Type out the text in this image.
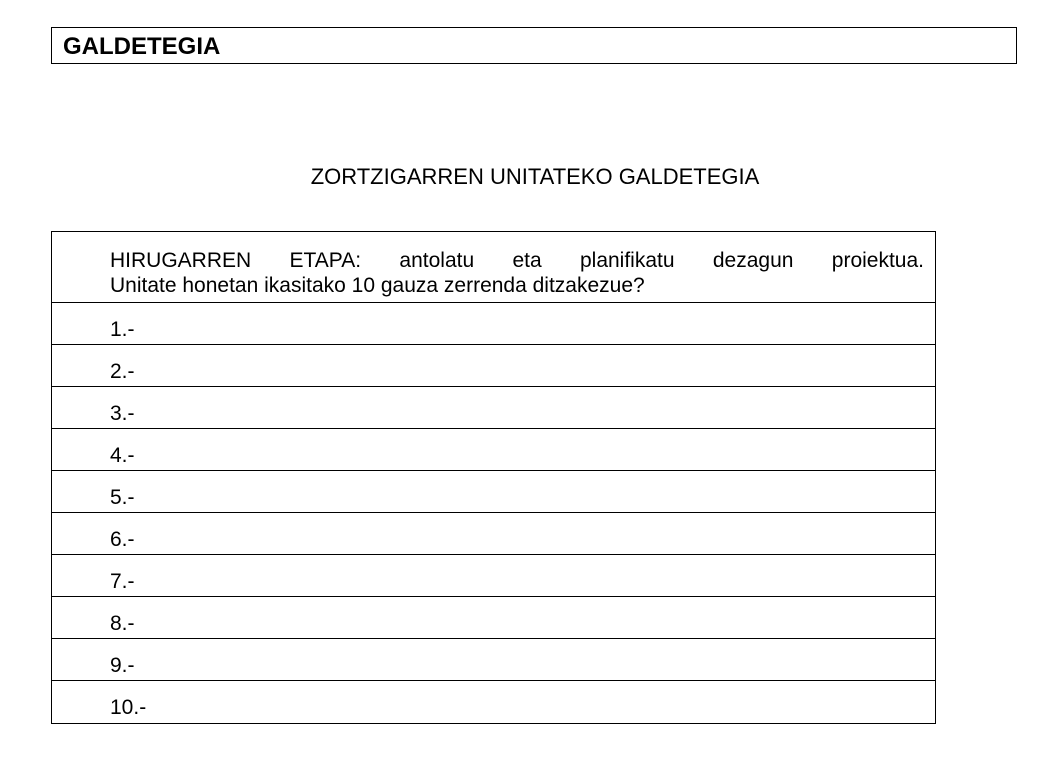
GALDETEGIA
ZORTZIGARREN UNITATEKO GALDETEGIA
HIRUGARREN ETAPA: antolatu eta planifikatu dezagun proiektua.
Unitate honetan ikasitako 10 gauza zerrenda ditzakezue?
1.-
2.-
3.-
4.-
5.-
6.-
7.-
8.-
9.-
10.-
